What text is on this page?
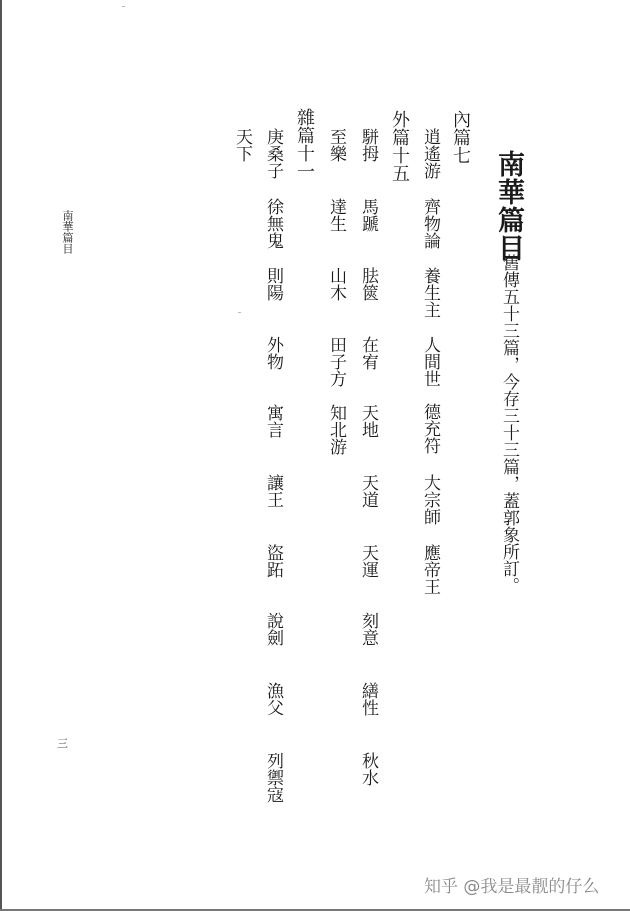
南華篇目
舊傳五十三篇，今存三十三篇，蓋郭象所訂。
內篇七
逍遙游
齊物論
養生主
人間世
德充符
大宗師
應帝王
外篇十五
駢拇
馬蹏
胠篋
在宥
天地
天道
天運
刻意
繕性
秋水
至樂
達生
山木
田子方
知北游
雜篇十一
庚桑子
徐無鬼
則陽
外物
寓言
讓王
盜跖
說劍
漁父
列禦寇
天下
南華篇目
三
知乎 @我是最靓的仔么
